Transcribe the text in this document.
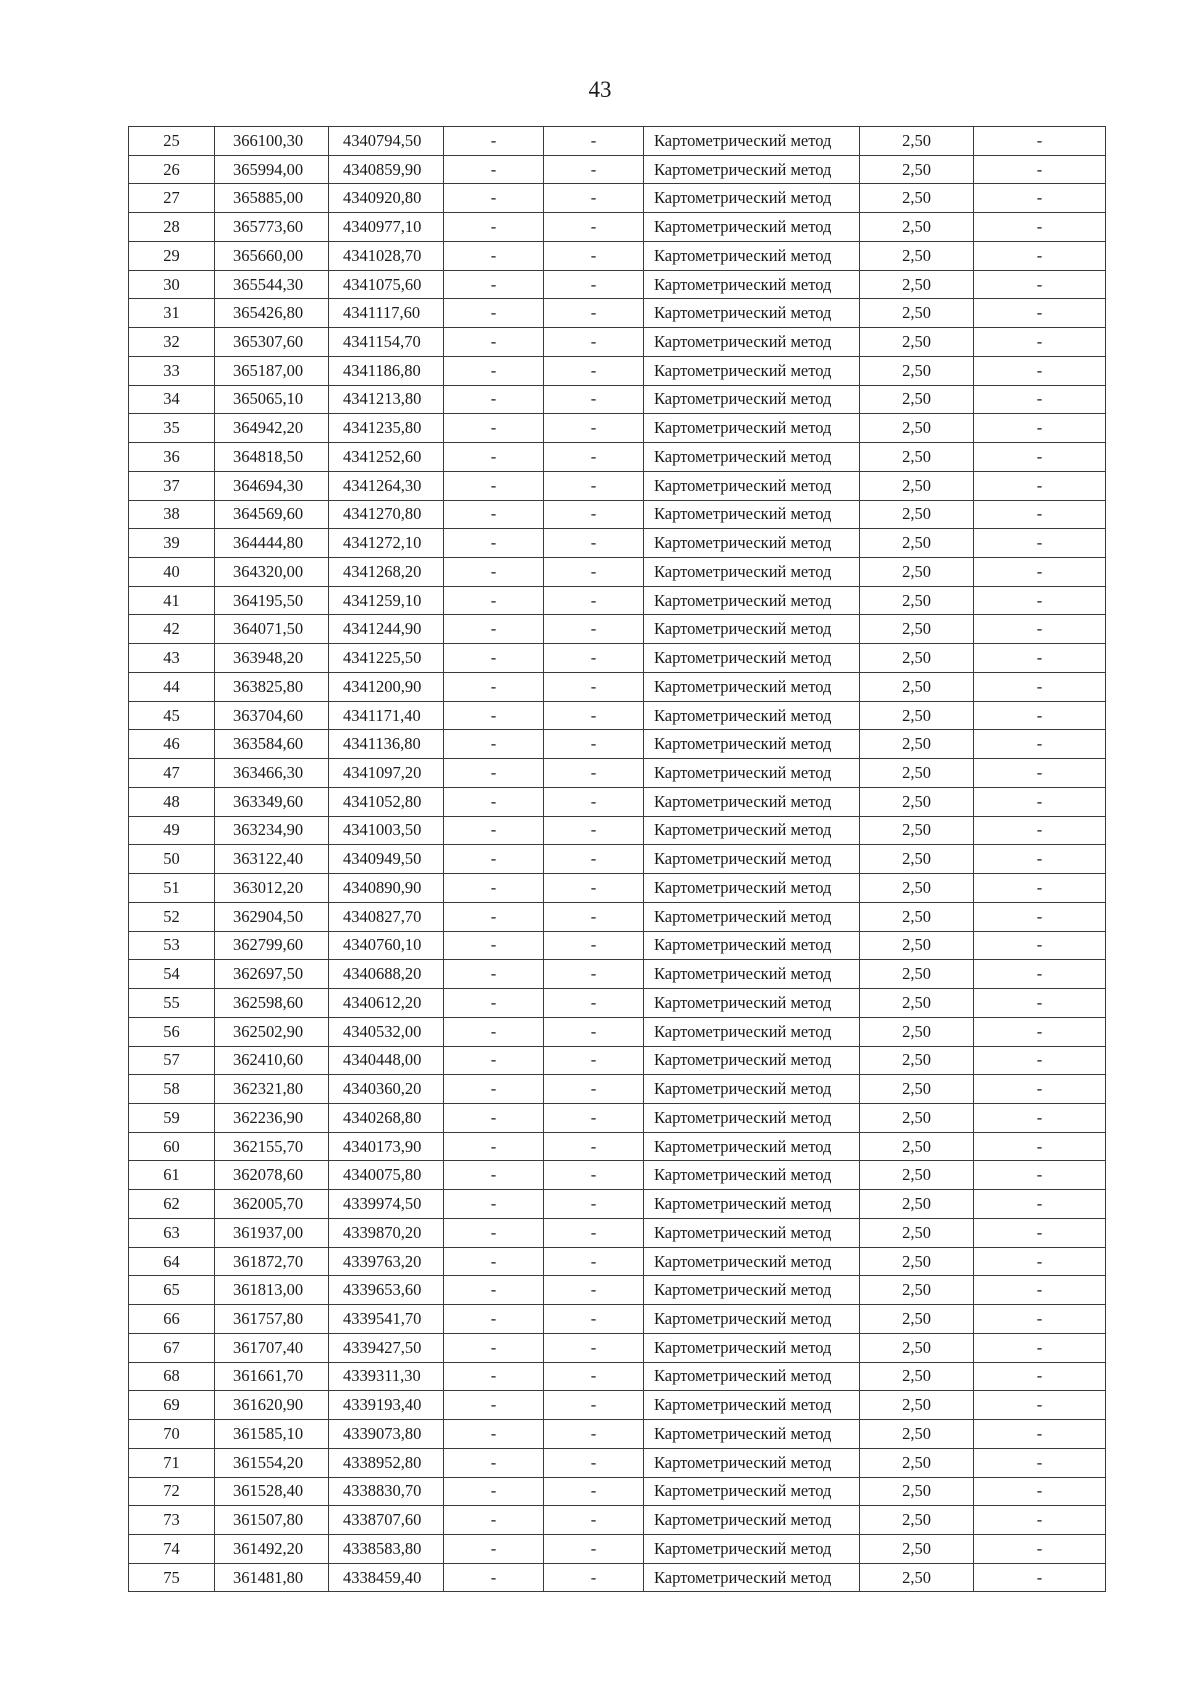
43
25	366100,30	4340794,50	-	-	Картометрический метод	2,50	-
26	365994,00	4340859,90	-	-	Картометрический метод	2,50	-
27	365885,00	4340920,80	-	-	Картометрический метод	2,50	-
28	365773,60	4340977,10	-	-	Картометрический метод	2,50	-
29	365660,00	4341028,70	-	-	Картометрический метод	2,50	-
30	365544,30	4341075,60	-	-	Картометрический метод	2,50	-
31	365426,80	4341117,60	-	-	Картометрический метод	2,50	-
32	365307,60	4341154,70	-	-	Картометрический метод	2,50	-
33	365187,00	4341186,80	-	-	Картометрический метод	2,50	-
34	365065,10	4341213,80	-	-	Картометрический метод	2,50	-
35	364942,20	4341235,80	-	-	Картометрический метод	2,50	-
36	364818,50	4341252,60	-	-	Картометрический метод	2,50	-
37	364694,30	4341264,30	-	-	Картометрический метод	2,50	-
38	364569,60	4341270,80	-	-	Картометрический метод	2,50	-
39	364444,80	4341272,10	-	-	Картометрический метод	2,50	-
40	364320,00	4341268,20	-	-	Картометрический метод	2,50	-
41	364195,50	4341259,10	-	-	Картометрический метод	2,50	-
42	364071,50	4341244,90	-	-	Картометрический метод	2,50	-
43	363948,20	4341225,50	-	-	Картометрический метод	2,50	-
44	363825,80	4341200,90	-	-	Картометрический метод	2,50	-
45	363704,60	4341171,40	-	-	Картометрический метод	2,50	-
46	363584,60	4341136,80	-	-	Картометрический метод	2,50	-
47	363466,30	4341097,20	-	-	Картометрический метод	2,50	-
48	363349,60	4341052,80	-	-	Картометрический метод	2,50	-
49	363234,90	4341003,50	-	-	Картометрический метод	2,50	-
50	363122,40	4340949,50	-	-	Картометрический метод	2,50	-
51	363012,20	4340890,90	-	-	Картометрический метод	2,50	-
52	362904,50	4340827,70	-	-	Картометрический метод	2,50	-
53	362799,60	4340760,10	-	-	Картометрический метод	2,50	-
54	362697,50	4340688,20	-	-	Картометрический метод	2,50	-
55	362598,60	4340612,20	-	-	Картометрический метод	2,50	-
56	362502,90	4340532,00	-	-	Картометрический метод	2,50	-
57	362410,60	4340448,00	-	-	Картометрический метод	2,50	-
58	362321,80	4340360,20	-	-	Картометрический метод	2,50	-
59	362236,90	4340268,80	-	-	Картометрический метод	2,50	-
60	362155,70	4340173,90	-	-	Картометрический метод	2,50	-
61	362078,60	4340075,80	-	-	Картометрический метод	2,50	-
62	362005,70	4339974,50	-	-	Картометрический метод	2,50	-
63	361937,00	4339870,20	-	-	Картометрический метод	2,50	-
64	361872,70	4339763,20	-	-	Картометрический метод	2,50	-
65	361813,00	4339653,60	-	-	Картометрический метод	2,50	-
66	361757,80	4339541,70	-	-	Картометрический метод	2,50	-
67	361707,40	4339427,50	-	-	Картометрический метод	2,50	-
68	361661,70	4339311,30	-	-	Картометрический метод	2,50	-
69	361620,90	4339193,40	-	-	Картометрический метод	2,50	-
70	361585,10	4339073,80	-	-	Картометрический метод	2,50	-
71	361554,20	4338952,80	-	-	Картометрический метод	2,50	-
72	361528,40	4338830,70	-	-	Картометрический метод	2,50	-
73	361507,80	4338707,60	-	-	Картометрический метод	2,50	-
74	361492,20	4338583,80	-	-	Картометрический метод	2,50	-
75	361481,80	4338459,40	-	-	Картометрический метод	2,50	-
